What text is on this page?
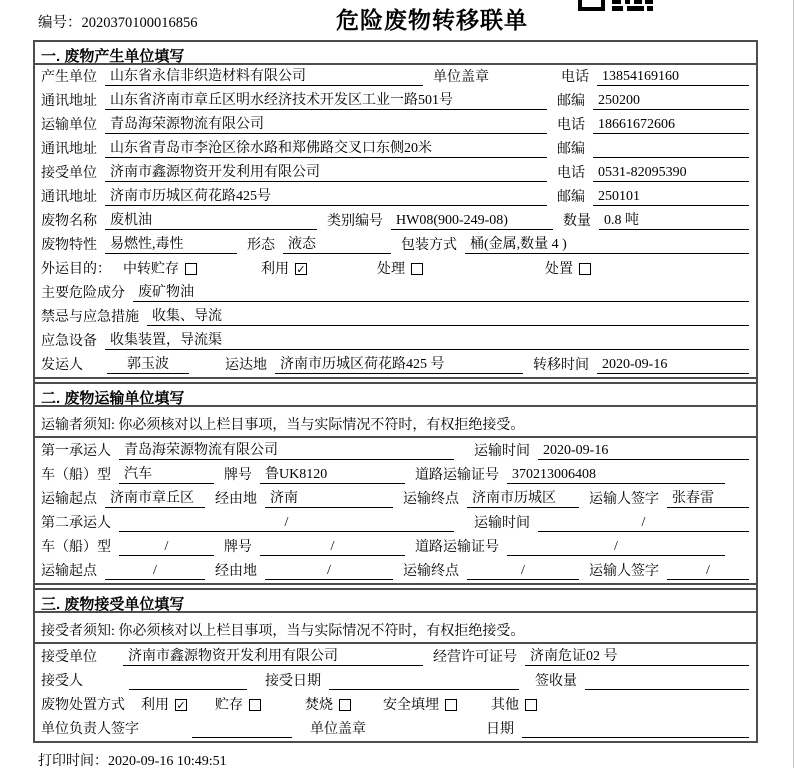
编号：2020370100016856	危险废物转移联单
一. 废物产生单位填写
产生单位 山东省永信非织造材料有限公司	单位盖章	电话 13854169160
通讯地址 山东省济南市章丘区明水经济技术开发区工业一路501号	邮编 250200
运输单位 青岛海荣源物流有限公司	电话 18661672606
通讯地址 山东省青岛市李沧区徐水路和郑佛路交叉口东侧20米	邮编
接受单位 济南市鑫源物资开发利用有限公司	电话 0531-82095390
通讯地址 济南市历城区荷花路425号	邮编 250101
废物名称 废机油	类别编号 HW08(900-249-08)	数量 0.8 吨
废物特性 易燃性,毒性	形态 液态	包装方式 桶(金属,数量 4 )
外运目的： 中转贮存	利用 ✓	处理	处置
主要危险成分 废矿物油
禁忌与应急措施 收集、导流
应急设备 收集装置，导流渠
发运人	郭玉波	运达地 济南市历城区荷花路425 号	转移时间 2020-09-16
二. 废物运输单位填写
运输者须知: 你必须核对以上栏目事项，当与实际情况不符时，有权拒绝接受。
第一承运人 青岛海荣源物流有限公司	运输时间 2020-09-16
车（船）型 汽车	牌号 鲁UK8120	道路运输证号 370213006408
运输起点 济南市章丘区	经由地 济南	运输终点 济南市历城区	运输人签字 张春雷
第二承运人	/	运输时间	/
车（船）型	/	牌号	/	道路运输证号	/
运输起点	/	经由地	/	运输终点	/	运输人签字	/
三. 废物接受单位填写
接受者须知: 你必须核对以上栏目事项，当与实际情况不符时，有权拒绝接受。
接受单位	济南市鑫源物资开发利用有限公司	经营许可证号 济南危证02 号
接受人	接受日期	签收量
废物处置方式 利用 ✓ 贮存	焚烧	安全填埋	其他
单位负责人签字	单位盖章	日期
打印时间：2020-09-16 10:49:51
